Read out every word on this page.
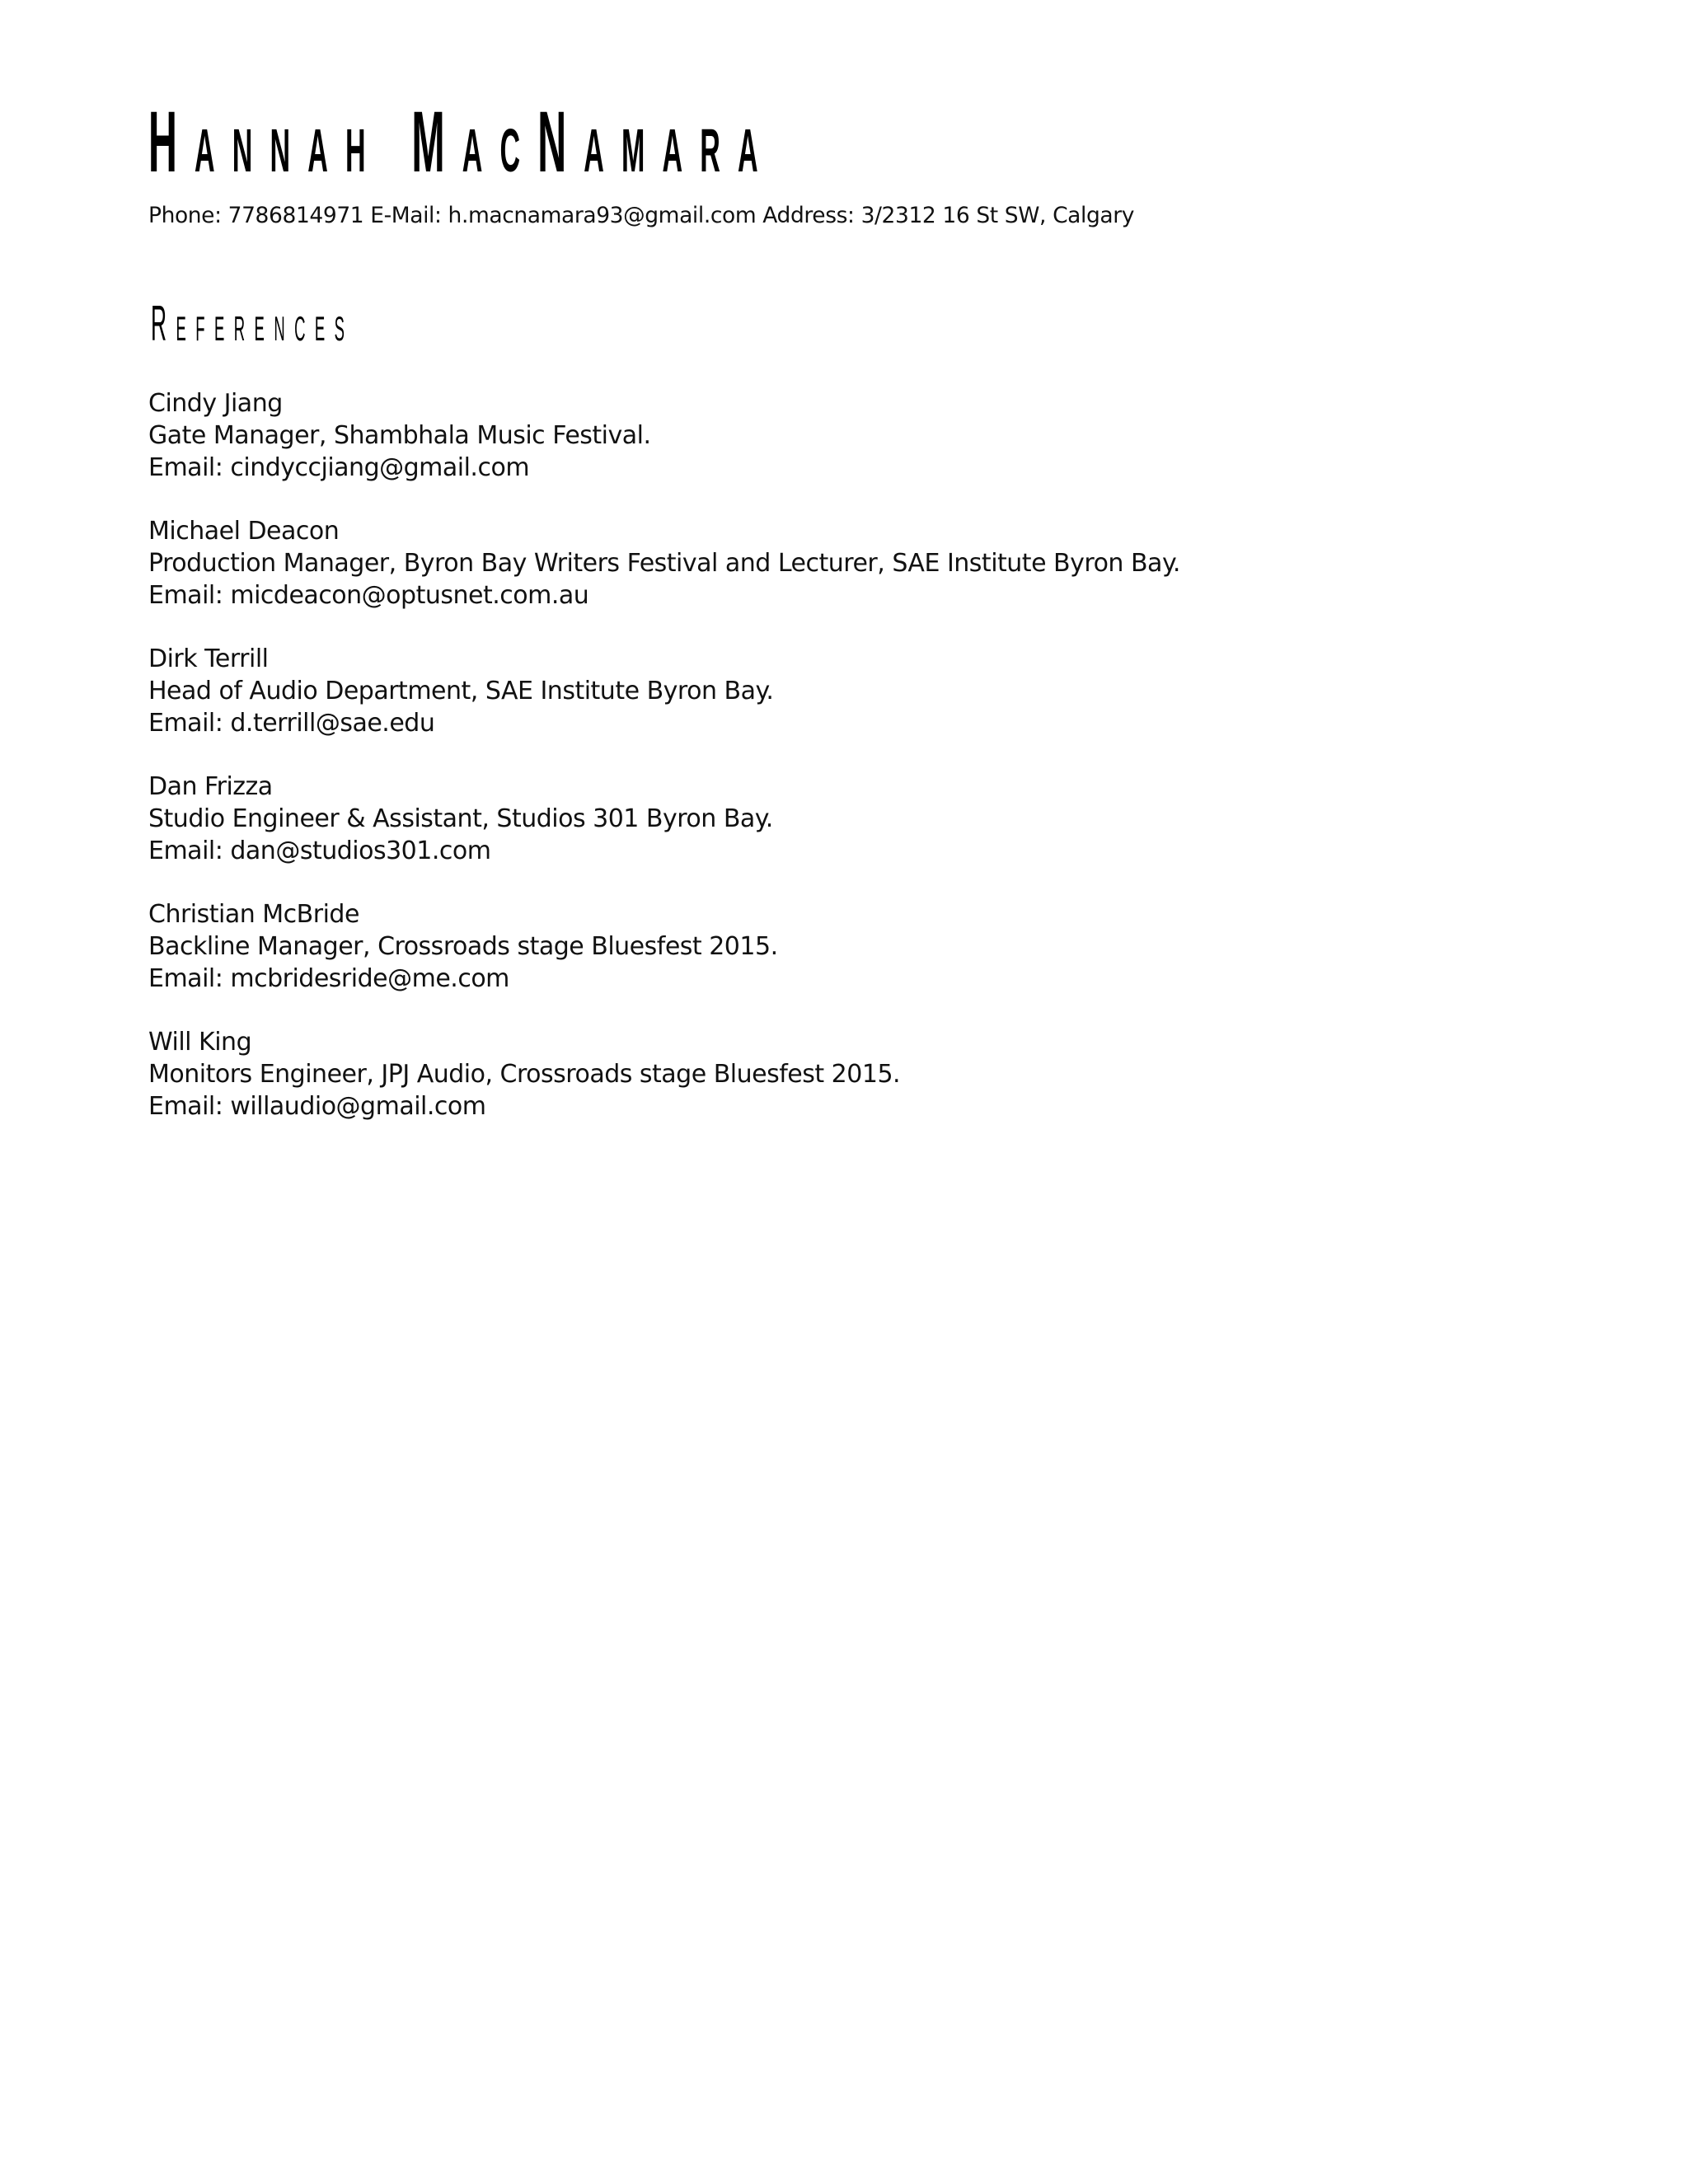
Hannah MacNamara

Phone: 7786814971 E-Mail: h.macnamara93@gmail.com Address: 3/2312 16 St SW, Calgary

References
Cindy Jiang
Gate Manager, Shambhala Music Festival.
Email: cindyccjiang@gmail.com
Michael Deacon
Production Manager, Byron Bay Writers Festival and Lecturer, SAE Institute Byron Bay.
Email: micdeacon@optusnet.com.au
Dirk Terrill
Head of Audio Department, SAE Institute Byron Bay.
Email: d.terrill@sae.edu
Dan Frizza
Studio Engineer & Assistant, Studios 301 Byron Bay.
Email: dan@studios301.com
Christian McBride
Backline Manager, Crossroads stage Bluesfest 2015.
Email: mcbridesride@me.com
Will King
Monitors Engineer, JPJ Audio, Crossroads stage Bluesfest 2015.
Email: willaudio@gmail.com
